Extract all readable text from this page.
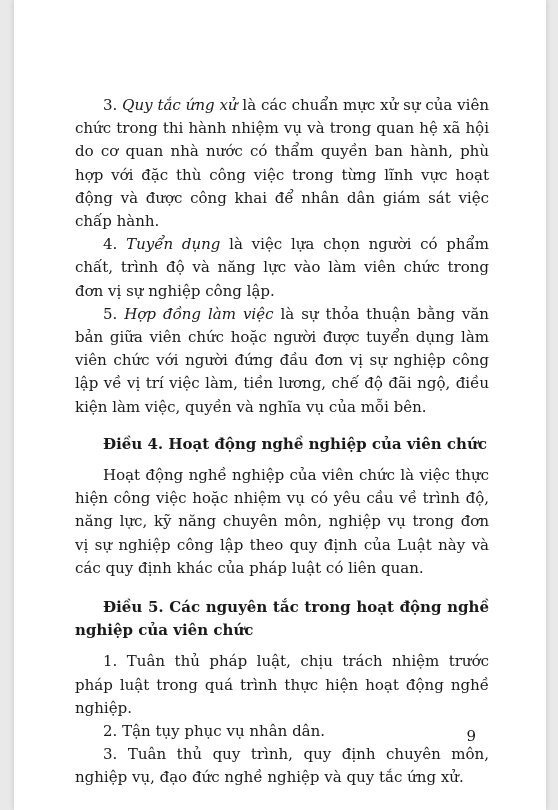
3. Quy tắc ứng xử là các chuẩn mực xử sự của viên chức trong thi hành nhiệm vụ và trong quan hệ xã hội do cơ quan nhà nước có thẩm quyền ban hành, phù hợp với đặc thù công việc trong từng lĩnh vực hoạt động và được công khai để nhân dân giám sát việc chấp hành.

4. Tuyển dụng là việc lựa chọn người có phẩm chất, trình độ và năng lực vào làm viên chức trong đơn vị sự nghiệp công lập.

5. Hợp đồng làm việc là sự thỏa thuận bằng văn bản giữa viên chức hoặc người được tuyển dụng làm viên chức với người đứng đầu đơn vị sự nghiệp công lập về vị trí việc làm, tiền lương, chế độ đãi ngộ, điều kiện làm việc, quyền và nghĩa vụ của mỗi bên.

Điều 4. Hoạt động nghề nghiệp của viên chức

Hoạt động nghề nghiệp của viên chức là việc thực hiện công việc hoặc nhiệm vụ có yêu cầu về trình độ, năng lực, kỹ năng chuyên môn, nghiệp vụ trong đơn vị sự nghiệp công lập theo quy định của Luật này và các quy định khác của pháp luật có liên quan.

Điều 5. Các nguyên tắc trong hoạt động nghề nghiệp của viên chức

1. Tuân thủ pháp luật, chịu trách nhiệm trước pháp luật trong quá trình thực hiện hoạt động nghề nghiệp.

2. Tận tụy phục vụ nhân dân.

3. Tuân thủ quy trình, quy định chuyên môn, nghiệp vụ, đạo đức nghề nghiệp và quy tắc ứng xử.

9
